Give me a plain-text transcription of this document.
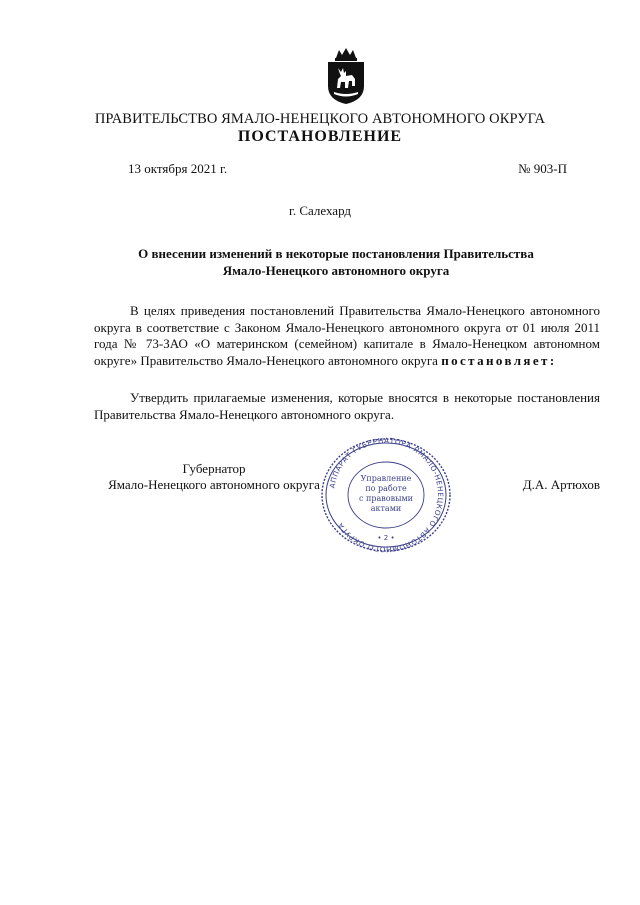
ПРАВИТЕЛЬСТВО ЯМАЛО-НЕНЕЦКОГО АВТОНОМНОГО ОКРУГА
ПОСТАНОВЛЕНИЕ
13 октября 2021 г.	№ 903-П
г. Салехард
О внесении изменений в некоторые постановления Правительства
Ямало-Ненецкого автономного округа
В целях приведения постановлений Правительства Ямало-Ненецкого автономного округа в соответствие с Законом Ямало-Ненецкого автономного округа от 01 июля 2011 года № 73-ЗАО «О материнском (семейном) капитале в Ямало-Ненецком автономном округе» Правительство Ямало-Ненецкого автономного округа постановляет:
Утвердить прилагаемые изменения, которые вносятся в некоторые постановления Правительства Ямало-Ненецкого автономного округа.
Губернатор
Ямало-Ненецкого автономного округа	Д.А. Артюхов
АППАРАТ ГУБЕРНАТОРА ЯМАЛО-НЕНЕЦКОГО АВТОНОМНОГО ОКРУГА
Управление
по работе
с правовыми
актами
• 2 •
